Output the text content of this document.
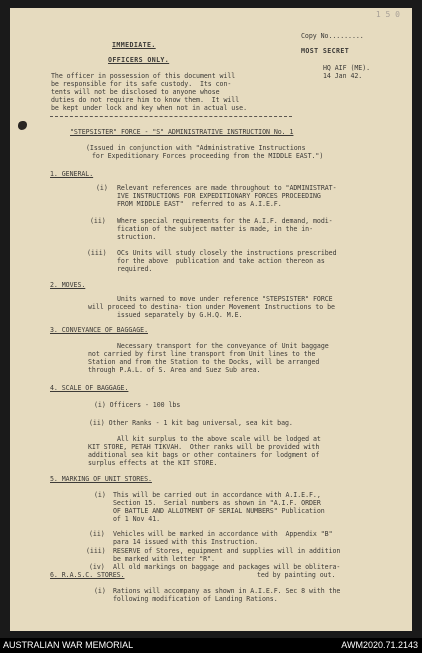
1 5 0
IMMEDIATE.
OFFICERS ONLY.
Copy No.........
MOST SECRET
HQ AIF (ME).
14 Jan 42.
The officer in possession of this document will
be responsible for its safe custody.  Its con-
tents will not be disclosed to anyone whose
duties do not require him to know them.  It will
be kept under lock and key when not in actual use.
"STEPSISTER" FORCE - "S" ADMINISTRATIVE INSTRUCTION No. 1
(Issued in conjunction with "Administrative Instructions
for Expeditionary Forces proceeding from the MIDDLE EAST.")
1. GENERAL.
(i) Relevant references are made throughout to "ADMINISTRAT-
IVE INSTRUCTIONS FOR EXPEDITIONARY FORCES PROCEEDING
FROM MIDDLE EAST"  referred to as A.I.E.F.
(ii) Where special requirements for the A.I.F. demand, modi-
fication of the subject matter is made, in the in-
struction.
(iii) OCs Units will study closely the instructions prescribed
for the above  publication and take action thereon as
required.
2. MOVES.
Units warned to move under reference "STEPSISTER" FORCE
will proceed to destina- tion under Movement Instructions to be
issued separately by G.H.Q. M.E.
3. CONVEYANCE OF BAGGAGE.
Necessary transport for the conveyance of Unit baggage
not carried by first line transport from Unit lines to the
Station and from the Station to the Docks, will be arranged
through P.A.L. of S. Area and Suez Sub area.
4. SCALE OF BAGGAGE.
(i) Officers - 100 lbs
(ii) Other Ranks - 1 kit bag universal, sea kit bag.
All kit surplus to the above scale will be lodged at
KIT STORE, PETAH TIKVAH.  Other ranks will be provided with
additional sea kit bags or other containers for lodgment of
surplus effects at the KIT STORE.
5. MARKING OF UNIT STORES.
(i) This will be carried out in accordance with A.I.E.F.,
Section 15.  Serial numbers as shown in "A.I.F. ORDER
OF BATTLE AND ALLOTMENT OF SERIAL NUMBERS" Publication
of 1 Nov 41.
(ii) Vehicles will be marked in accordance with  Appendix "B"
para 14 issued with this Instruction.
(iii) RESERVE of Stores, equipment and supplies will in addition
be marked with letter "R".
(iv) All old markings on baggage and packages will be oblitera-
ted by painting out.
6. R.A.S.C. STORES.
(i) Rations will accompany as shown in A.I.E.F. Sec 8 with the
following modification of Landing Rations.
AUSTRALIAN WAR MEMORIAL	AWM2020.71.2143
